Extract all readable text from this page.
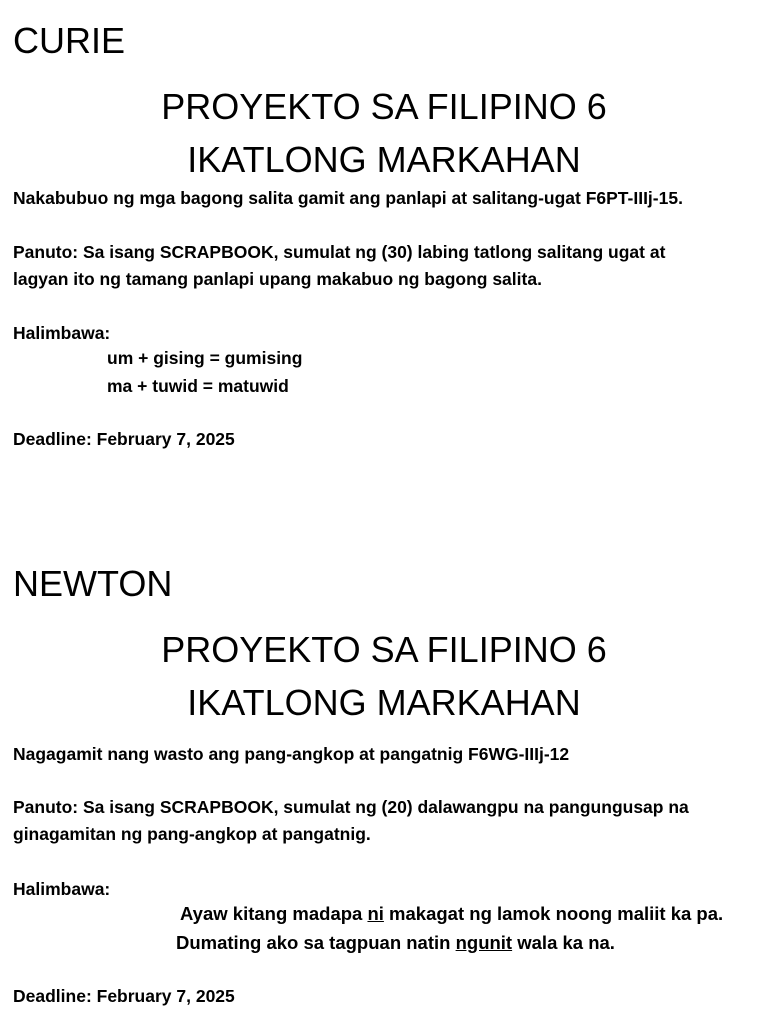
CURIE
PROYEKTO SA FILIPINO 6
IKATLONG MARKAHAN
Nakabubuo ng mga bagong salita gamit ang panlapi at salitang-ugat F6PT-IIIj-15.
Panuto: Sa isang SCRAPBOOK, sumulat ng (30) labing tatlong salitang ugat at
lagyan ito ng tamang panlapi upang makabuo ng bagong salita.
Halimbawa:
um + gising = gumising
ma + tuwid = matuwid
Deadline: February 7, 2025
NEWTON
PROYEKTO SA FILIPINO 6
IKATLONG MARKAHAN
Nagagamit nang wasto ang pang-angkop at pangatnig F6WG-IIIj-12
Panuto: Sa isang SCRAPBOOK, sumulat ng (20) dalawangpu na pangungusap na
ginagamitan ng pang-angkop at pangatnig.
Halimbawa:
Ayaw kitang madapa ni makagat ng lamok noong maliit ka pa.
Dumating ako sa tagpuan natin ngunit wala ka na.
Deadline: February 7, 2025
